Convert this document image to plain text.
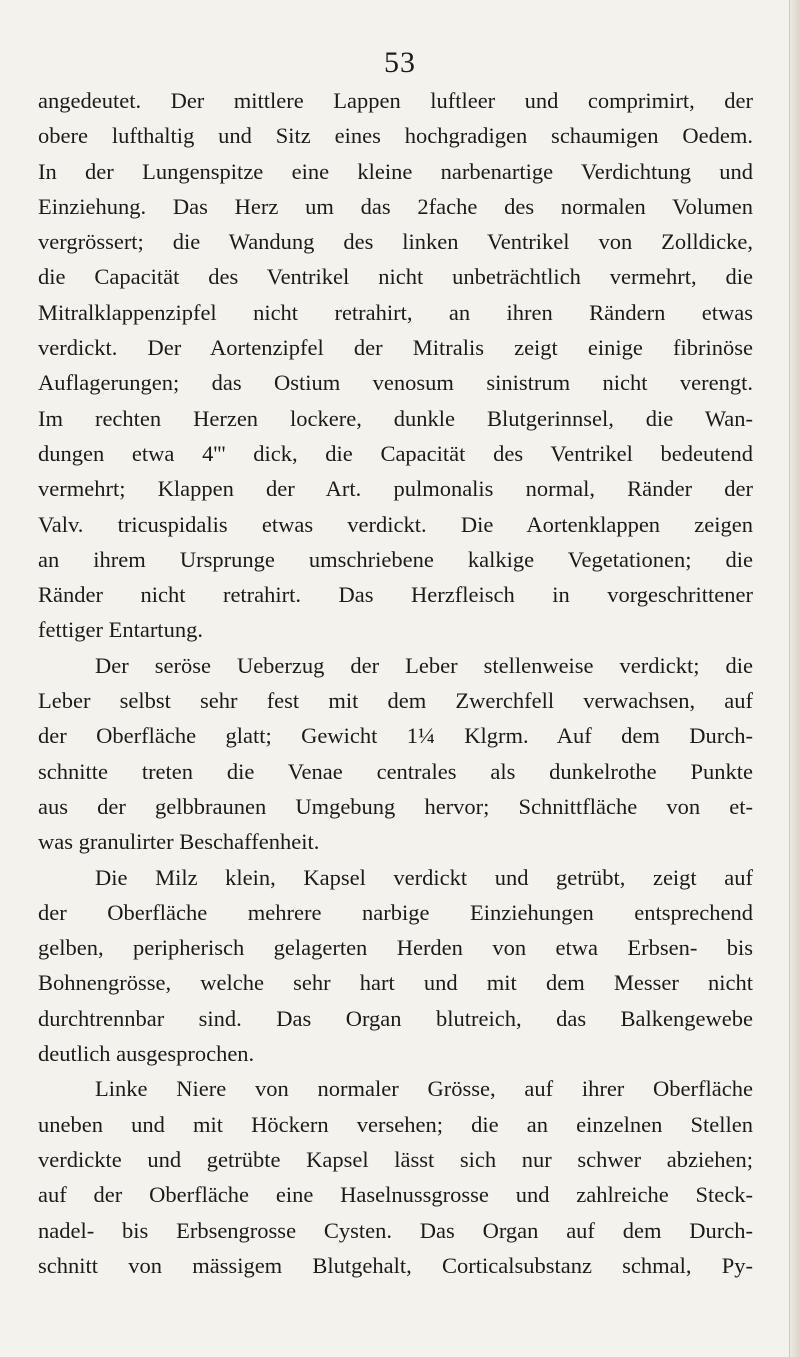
53
angedeutet. Der mittlere Lappen luftleer und comprimirt, der
obere lufthaltig und Sitz eines hochgradigen schaumigen Oedem.
In der Lungenspitze eine kleine narbenartige Verdichtung und
Einziehung. Das Herz um das 2fache des normalen Volumen
vergrössert; die Wandung des linken Ventrikel von Zolldicke,
die Capacität des Ventrikel nicht unbeträchtlich vermehrt, die
Mitralklappenzipfel nicht retrahirt, an ihren Rändern etwas
verdickt. Der Aortenzipfel der Mitralis zeigt einige fibrinöse
Auflagerungen; das Ostium venosum sinistrum nicht verengt.
Im rechten Herzen lockere, dunkle Blutgerinnsel, die Wan-
dungen etwa 4''' dick, die Capacität des Ventrikel bedeutend
vermehrt; Klappen der Art. pulmonalis normal, Ränder der
Valv. tricuspidalis etwas verdickt. Die Aortenklappen zeigen
an ihrem Ursprunge umschriebene kalkige Vegetationen; die
Ränder nicht retrahirt. Das Herzfleisch in vorgeschrittener
fettiger Entartung.
Der seröse Ueberzug der Leber stellenweise verdickt; die
Leber selbst sehr fest mit dem Zwerchfell verwachsen, auf
der Oberfläche glatt; Gewicht 1¼ Klgrm. Auf dem Durch-
schnitte treten die Venae centrales als dunkelrothe Punkte
aus der gelbbraunen Umgebung hervor; Schnittfläche von et-
was granulirter Beschaffenheit.
Die Milz klein, Kapsel verdickt und getrübt, zeigt auf
der Oberfläche mehrere narbige Einziehungen entsprechend
gelben, peripherisch gelagerten Herden von etwa Erbsen- bis
Bohnengrösse, welche sehr hart und mit dem Messer nicht
durchtrennbar sind. Das Organ blutreich, das Balkengewebe
deutlich ausgesprochen.
Linke Niere von normaler Grösse, auf ihrer Oberfläche
uneben und mit Höckern versehen; die an einzelnen Stellen
verdickte und getrübte Kapsel lässt sich nur schwer abziehen;
auf der Oberfläche eine Haselnussgrosse und zahlreiche Steck-
nadel- bis Erbsengrosse Cysten. Das Organ auf dem Durch-
schnitt von mässigem Blutgehalt, Corticalsubstanz schmal, Py-
